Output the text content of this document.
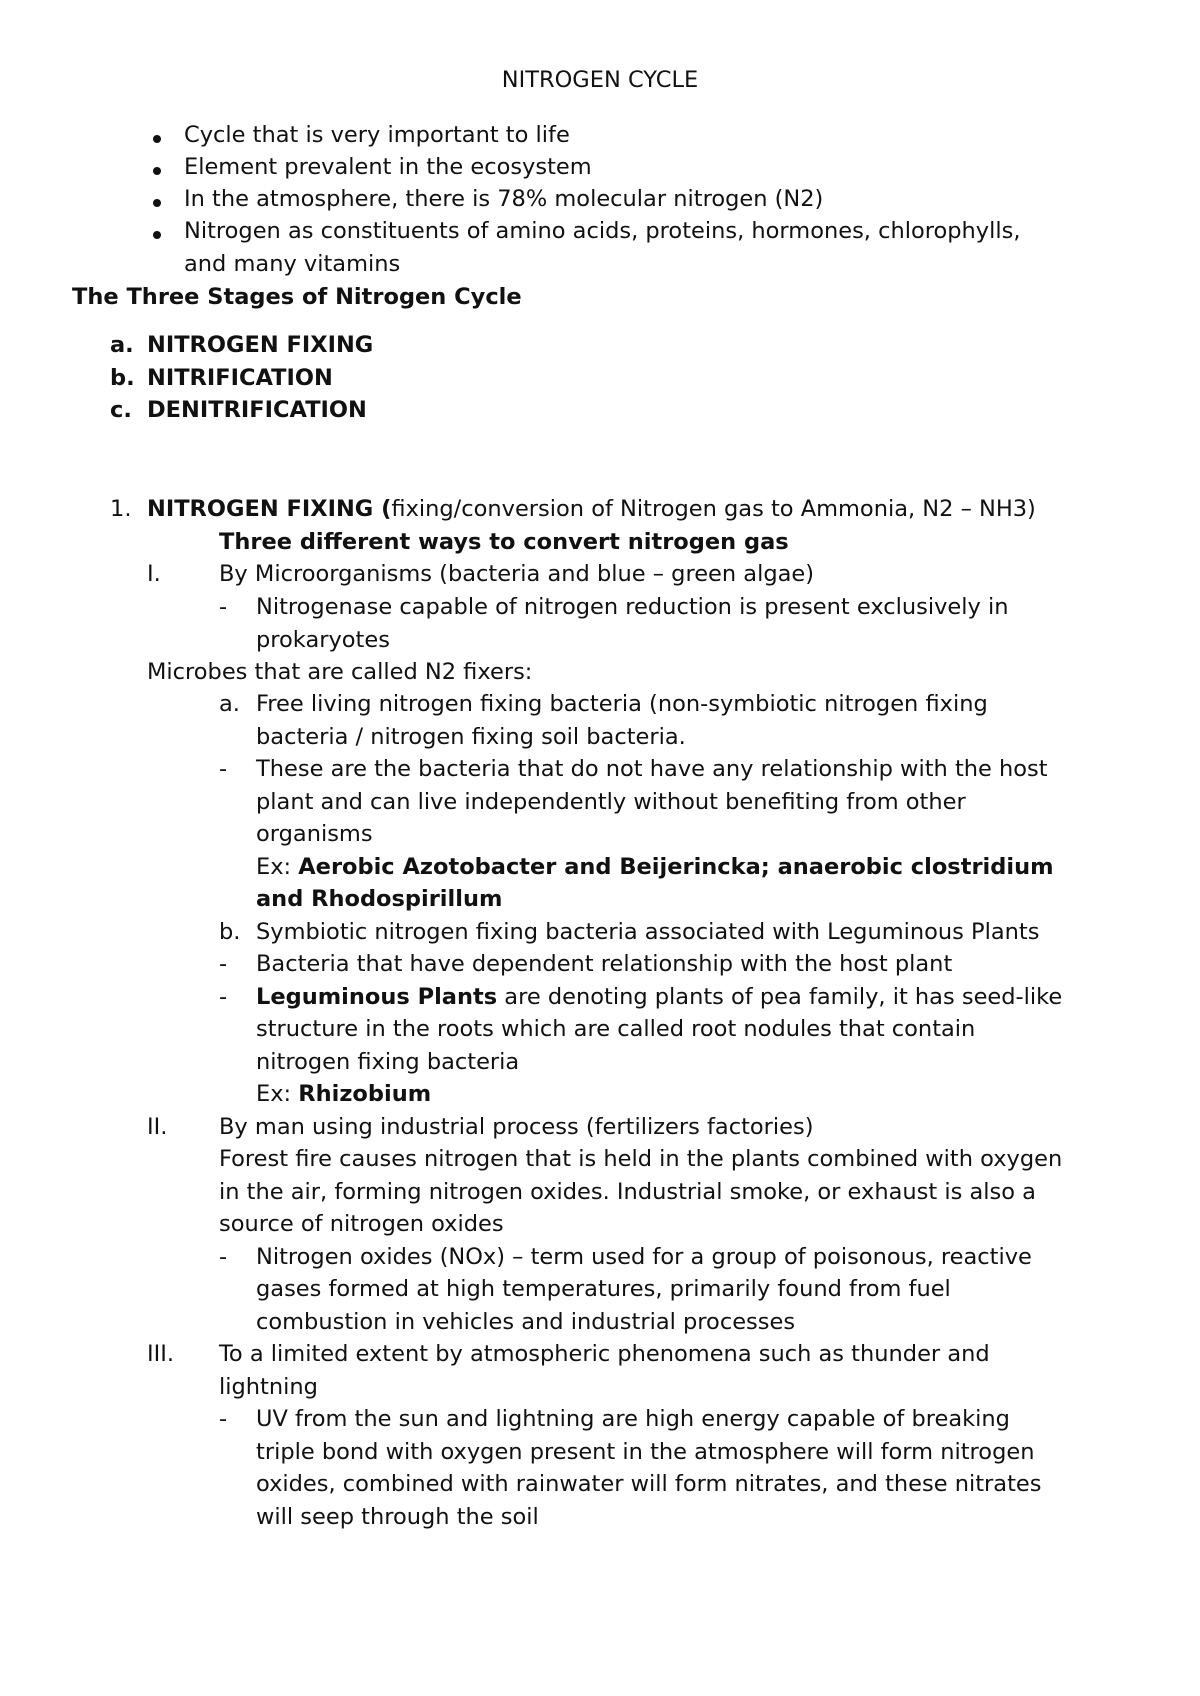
NITROGEN CYCLE
Cycle that is very important to life
Element prevalent in the ecosystem
In the atmosphere, there is 78% molecular nitrogen (N2)
Nitrogen as constituents of amino acids, proteins, hormones, chlorophylls,
and many vitamins
The Three Stages of Nitrogen Cycle
a. NITROGEN FIXING
b. NITRIFICATION
c. DENITRIFICATION
1. NITROGEN FIXING (fixing/conversion of Nitrogen gas to Ammonia, N2 – NH3)
Three different ways to convert nitrogen gas
I.	By Microorganisms (bacteria and blue – green algae)
- Nitrogenase capable of nitrogen reduction is present exclusively in
prokaryotes
Microbes that are called N2 fixers:
a. Free living nitrogen fixing bacteria (non-symbiotic nitrogen fixing
bacteria / nitrogen fixing soil bacteria.
- These are the bacteria that do not have any relationship with the host
plant and can live independently without benefiting from other
organisms
Ex: Aerobic Azotobacter and Beijerincka; anaerobic clostridium
and Rhodospirillum
b. Symbiotic nitrogen fixing bacteria associated with Leguminous Plants
- Bacteria that have dependent relationship with the host plant
- Leguminous Plants are denoting plants of pea family, it has seed-like
structure in the roots which are called root nodules that contain
nitrogen fixing bacteria
Ex: Rhizobium
II. By man using industrial process (fertilizers factories)
Forest fire causes nitrogen that is held in the plants combined with oxygen
in the air, forming nitrogen oxides. Industrial smoke, or exhaust is also a
source of nitrogen oxides
- Nitrogen oxides (NOx) – term used for a group of poisonous, reactive
gases formed at high temperatures, primarily found from fuel
combustion in vehicles and industrial processes
III. To a limited extent by atmospheric phenomena such as thunder and
lightning
- UV from the sun and lightning are high energy capable of breaking
triple bond with oxygen present in the atmosphere will form nitrogen
oxides, combined with rainwater will form nitrates, and these nitrates
will seep through the soil
